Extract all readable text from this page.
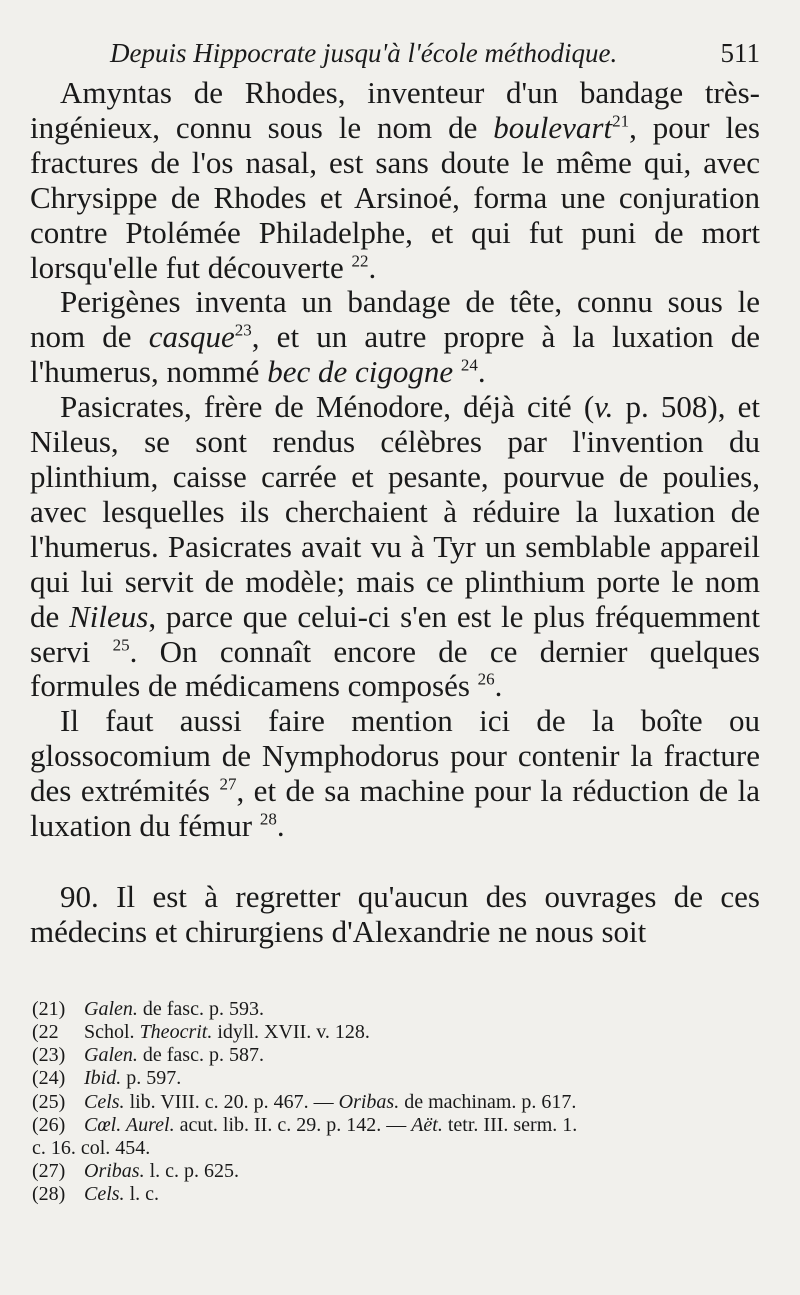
Depuis Hippocrate jusqu'à l'école méthodique.	511

Amyntas de Rhodes, inventeur d'un bandage très-ingénieux, connu sous le nom de boulevart$^{21}$, pour les fractures de l'os nasal, est sans doute le même qui, avec Chrysippe de Rhodes et Arsinoé, forma une conjuration contre Ptolémée Philadelphe, et qui fut puni de mort lorsqu'elle fut découverte $^{22}$.

Perigènes inventa un bandage de tête, connu sous le nom de casque$^{23}$, et un autre propre à la luxation de l'humerus, nommé bec de cigogne $^{24}$.

Pasicrates, frère de Ménodore, déjà cité (v. p. 508), et Nileus, se sont rendus célèbres par l'invention du plinthium, caisse carrée et pesante, pourvue de poulies, avec lesquelles ils cherchaient à réduire la luxation de l'humerus. Pasicrates avait vu à Tyr un semblable appareil qui lui servit de modèle; mais ce plinthium porte le nom de Nileus, parce que celui-ci s'en est le plus fréquemment servi $^{25}$. On connaît encore de ce dernier quelques formules de médicamens composés $^{26}$.

Il faut aussi faire mention ici de la boîte ou glossocomium de Nymphodorus pour contenir la fracture des extrémités $^{27}$, et de sa machine pour la réduction de la luxation du fémur $^{28}$.

90. Il est à regretter qu'aucun des ouvrages de ces médecins et chirurgiens d'Alexandrie ne nous soit

(21) Galen. de fasc. p. 593.

(22 Schol. Theocrit. idyll. XVII. v. 128.

(23) Galen. de fasc. p. 587.

(24) Ibid. p. 597.

(25) Cels. lib. VIII. c. 20. p. 467. — Oribas. de machinam. p. 617.

(26) Cœl. Aurel. acut. lib. II. c. 29. p. 142. — Aët. tetr. III. serm. 1.

c. 16. col. 454.

(27) Oribas. l. c. p. 625.

(28) Cels. l. c.
